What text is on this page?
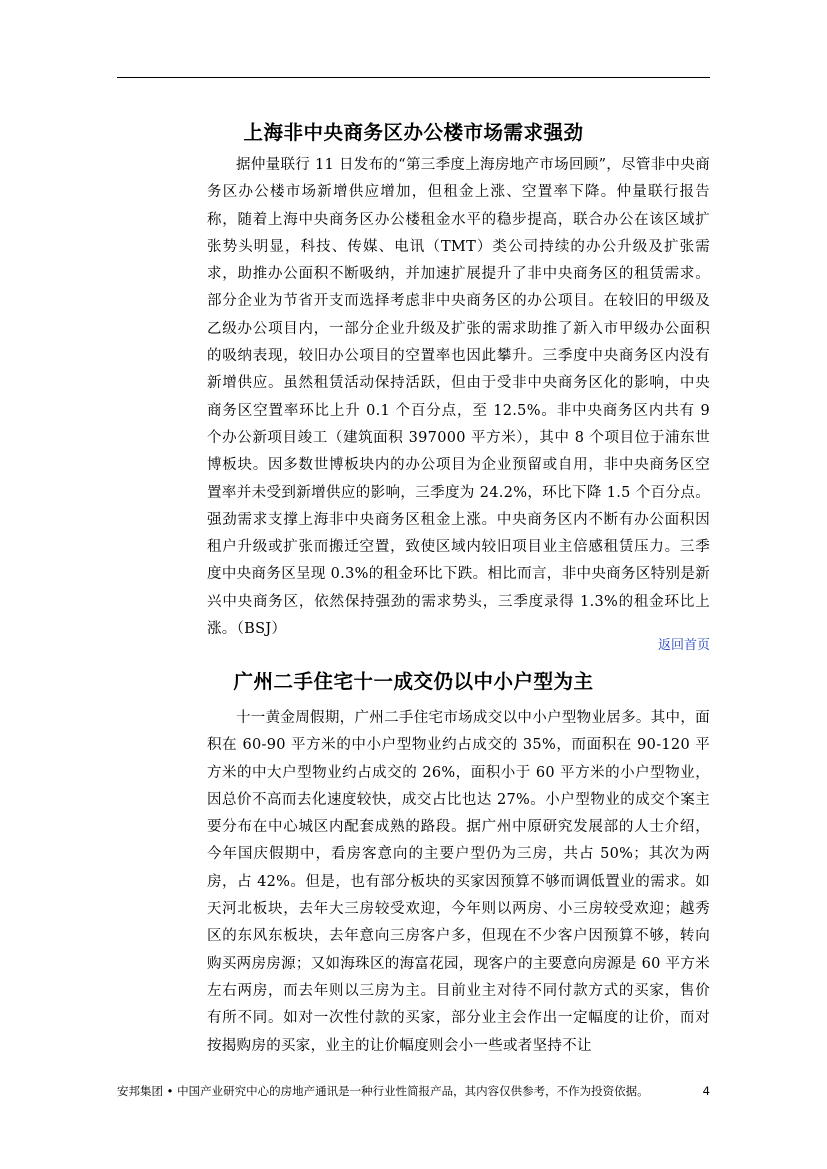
上海非中央商务区办公楼市场需求强劲

据仲量联行 11 日发布的“第三季度上海房地产市场回顾”，尽管非中央商务区办公楼市场新增供应增加，但租金上涨、空置率下降。仲量联行报告称，随着上海中央商务区办公楼租金水平的稳步提高，联合办公在该区域扩张势头明显，科技、传媒、电讯（TMT）类公司持续的办公升级及扩张需求，助推办公面积不断吸纳，并加速扩展提升了非中央商务区的租赁需求。部分企业为节省开支而选择考虑非中央商务区的办公项目。在较旧的甲级及乙级办公项目内，一部分企业升级及扩张的需求助推了新入市甲级办公面积的吸纳表现，较旧办公项目的空置率也因此攀升。三季度中央商务区内没有新增供应。虽然租赁活动保持活跃，但由于受非中央商务区化的影响，中央商务区空置率环比上升 0.1 个百分点，至 12.5%。非中央商务区内共有 9 个办公新项目竣工（建筑面积 397000 平方米），其中 8 个项目位于浦东世博板块。因多数世博板块内的办公项目为企业预留或自用，非中央商务区空置率并未受到新增供应的影响，三季度为 24.2%，环比下降 1.5 个百分点。强劲需求支撑上海非中央商务区租金上涨。中央商务区内不断有办公面积因租户升级或扩张而搬迁空置，致使区域内较旧项目业主倍感租赁压力。三季度中央商务区呈现 0.3%的租金环比下跌。相比而言，非中央商务区特别是新兴中央商务区，依然保持强劲的需求势头，三季度录得 1.3%的租金环比上涨。（BSJ）

返回首页
广州二手住宅十一成交仍以中小户型为主

十一黄金周假期，广州二手住宅市场成交以中小户型物业居多。其中，面积在 60-90 平方米的中小户型物业约占成交的 35%，而面积在 90-120 平方米的中大户型物业约占成交的 26%，面积小于 60 平方米的小户型物业，因总价不高而去化速度较快，成交占比也达 27%。小户型物业的成交个案主要分布在中心城区内配套成熟的路段。据广州中原研究发展部的人士介绍，今年国庆假期中，看房客意向的主要户型仍为三房，共占 50%；其次为两房，占 42%。但是，也有部分板块的买家因预算不够而调低置业的需求。如天河北板块，去年大三房较受欢迎，今年则以两房、小三房较受欢迎；越秀区的东风东板块，去年意向三房客户多，但现在不少客户因预算不够，转向购买两房房源；又如海珠区的海富花园，现客户的主要意向房源是 60 平方米左右两房，而去年则以三房为主。目前业主对待不同付款方式的买家，售价有所不同。如对一次性付款的买家，部分业主会作出一定幅度的让价，而对按揭购房的买家，业主的让价幅度则会小一些或者坚持不让

安邦集团 • 中国产业研究中心的房地产通讯是一种行业性简报产品，其内容仅供参考，不作为投资依据。	4
